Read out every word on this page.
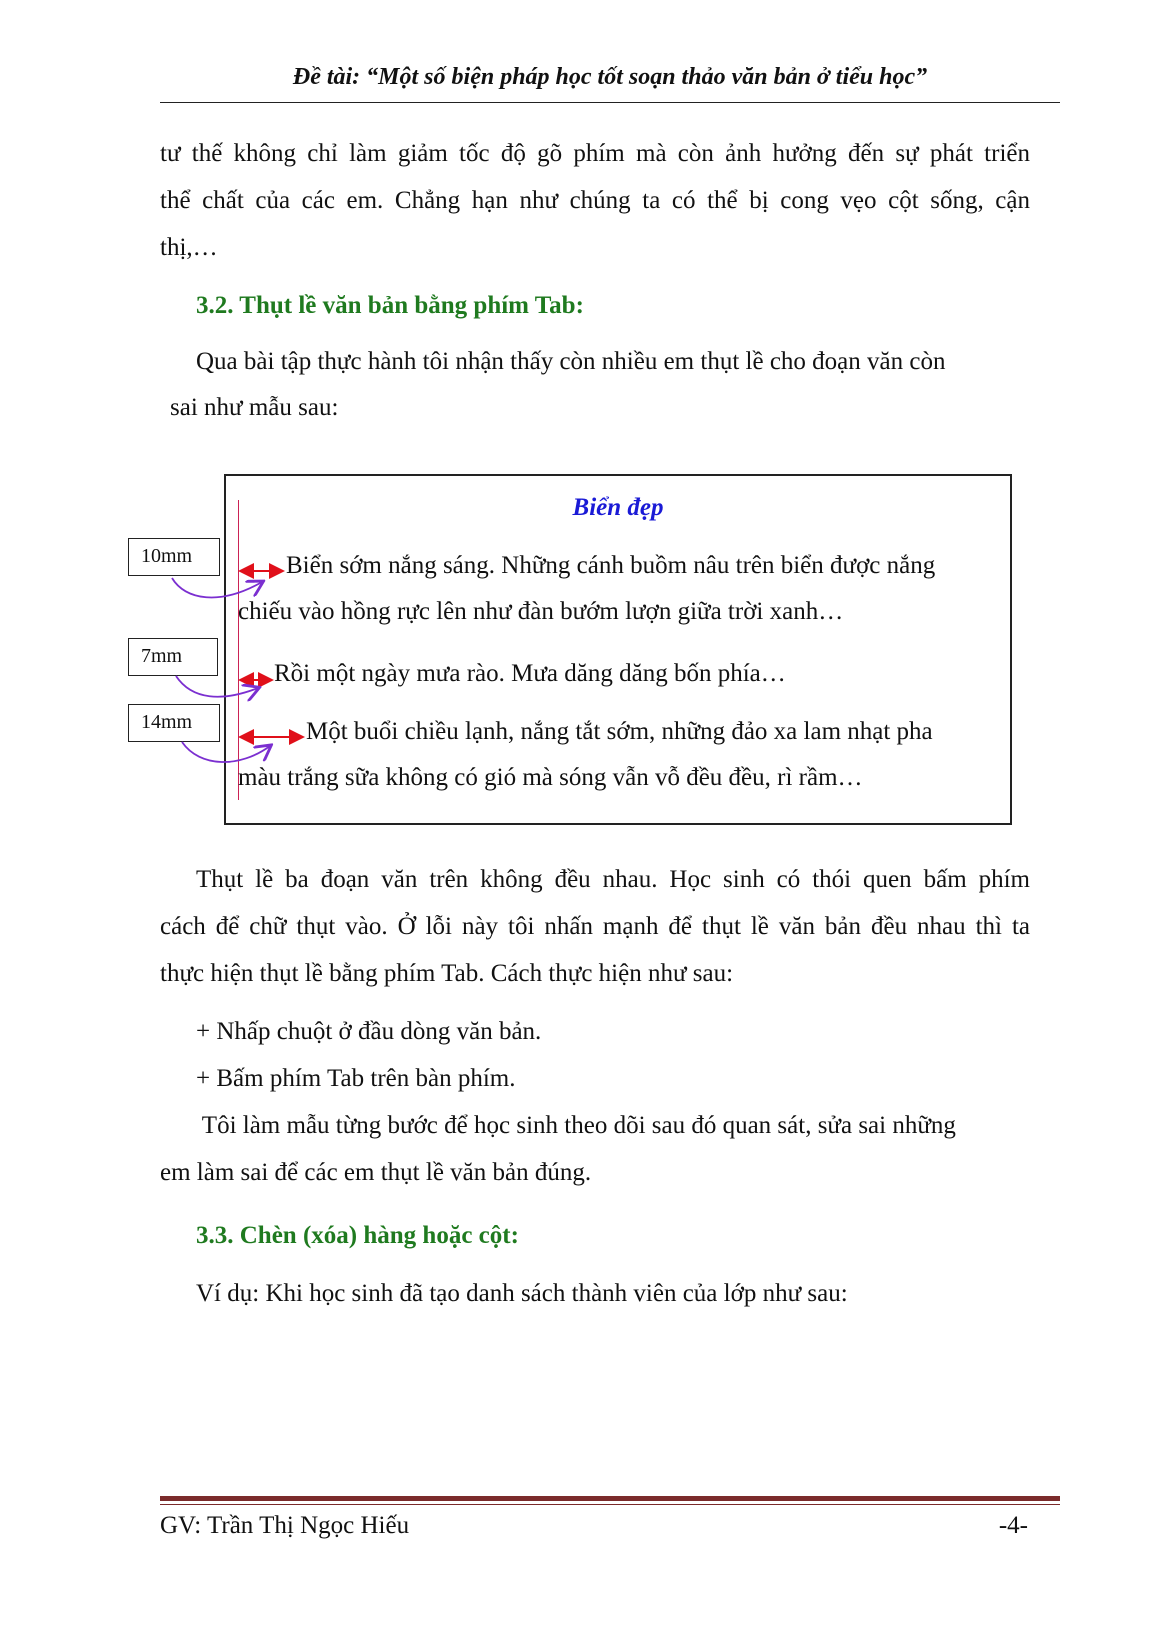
Đề tài: “Một số biện pháp học tốt soạn thảo văn bản ở tiểu học”
tư thế không chỉ làm giảm tốc độ gõ phím mà còn ảnh hưởng đến sự phát triển
thể chất của các em. Chẳng hạn như chúng ta có thể bị cong vẹo cột sống, cận
thị,…
3.2. Thụt lề văn bản bằng phím Tab:
Qua bài tập thực hành tôi nhận thấy còn nhiều em thụt lề cho đoạn văn còn
sai như mẫu sau:
Biển đẹp
Biển sớm nắng sáng. Những cánh buồm nâu trên biển được nắng
chiếu vào hồng rực lên như đàn bướm lượn giữa trời xanh…
Rồi một ngày mưa rào. Mưa dăng dăng bốn phía…
Một buổi chiều lạnh, nắng tắt sớm, những đảo xa lam nhạt pha
màu trắng sữa không có gió mà sóng vẫn vỗ đều đều, rì rầm…
10mm
7mm
14mm
Thụt lề ba đoạn văn trên không đều nhau. Học sinh có thói quen bấm phím
cách để chữ thụt vào. Ở lỗi này tôi nhấn mạnh để thụt lề văn bản đều nhau thì ta
thực hiện thụt lề bằng phím Tab. Cách thực hiện như sau:
+ Nhấp chuột ở đầu dòng văn bản.
+ Bấm phím Tab trên bàn phím.
Tôi làm mẫu từng bước để học sinh theo dõi sau đó quan sát, sửa sai những
em làm sai để các em thụt lề văn bản đúng.
3.3. Chèn (xóa) hàng hoặc cột:
Ví dụ: Khi học sinh đã tạo danh sách thành viên của lớp như sau:
GV: Trần Thị Ngọc Hiếu	-4-
